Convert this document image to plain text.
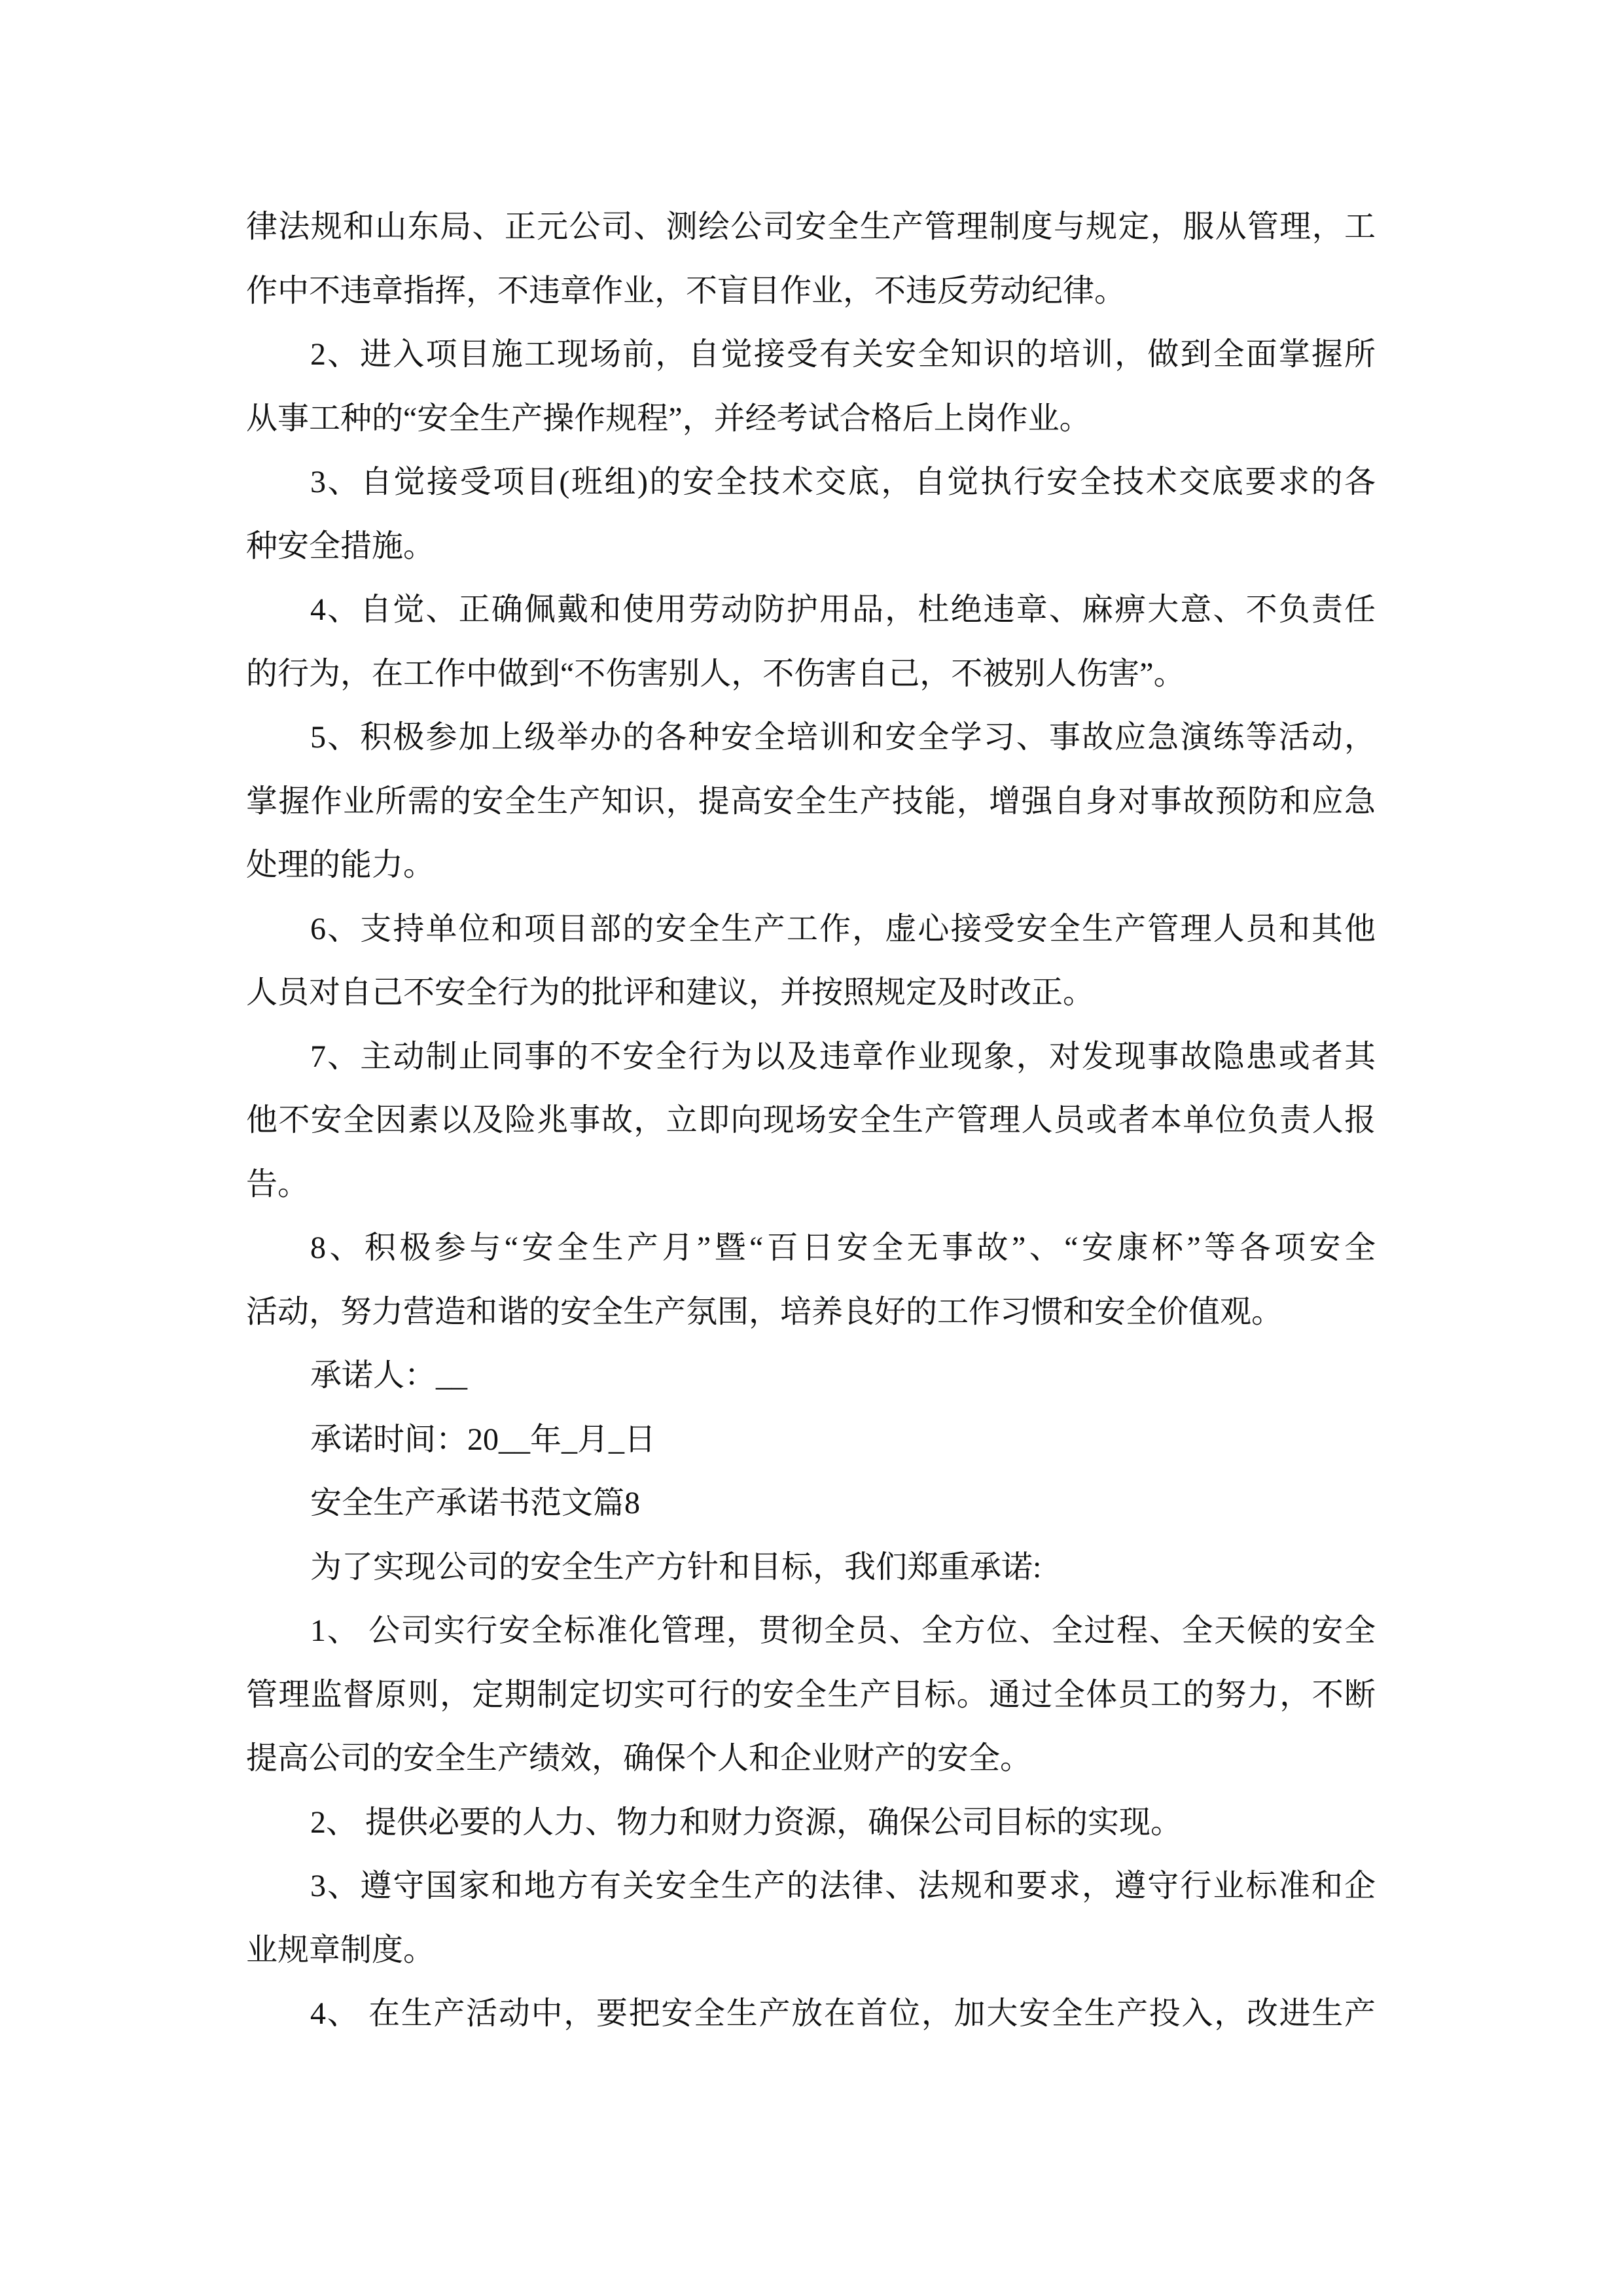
律法规和山东局、正元公司、测绘公司安全生产管理制度与规定，服从管理，工
作中不违章指挥，不违章作业，不盲目作业，不违反劳动纪律。
2、进入项目施工现场前，自觉接受有关安全知识的培训，做到全面掌握所
从事工种的“安全生产操作规程”，并经考试合格后上岗作业。
3、自觉接受项目(班组)的安全技术交底，自觉执行安全技术交底要求的各
种安全措施。
4、自觉、正确佩戴和使用劳动防护用品，杜绝违章、麻痹大意、不负责任
的行为，在工作中做到“不伤害别人，不伤害自己，不被别人伤害”。
5、积极参加上级举办的各种安全培训和安全学习、事故应急演练等活动，
掌握作业所需的安全生产知识，提高安全生产技能，增强自身对事故预防和应急
处理的能力。
6、支持单位和项目部的安全生产工作，虚心接受安全生产管理人员和其他
人员对自己不安全行为的批评和建议，并按照规定及时改正。
7、主动制止同事的不安全行为以及违章作业现象，对发现事故隐患或者其
他不安全因素以及险兆事故，立即向现场安全生产管理人员或者本单位负责人报
告。
8、积极参与“安全生产月”暨“百日安全无事故”、“安康杯”等各项安全
活动，努力营造和谐的安全生产氛围，培养良好的工作习惯和安全价值观。
承诺人：__
承诺时间：20__年_月_日
安全生产承诺书范文篇8
为了实现公司的安全生产方针和目标，我们郑重承诺:
1、 公司实行安全标准化管理，贯彻全员、全方位、全过程、全天候的安全
管理监督原则，定期制定切实可行的安全生产目标。通过全体员工的努力，不断
提高公司的安全生产绩效，确保个人和企业财产的安全。
2、 提供必要的人力、物力和财力资源，确保公司目标的实现。
3、遵守国家和地方有关安全生产的法律、法规和要求，遵守行业标准和企
业规章制度。
4、 在生产活动中，要把安全生产放在首位，加大安全生产投入，改进生产
